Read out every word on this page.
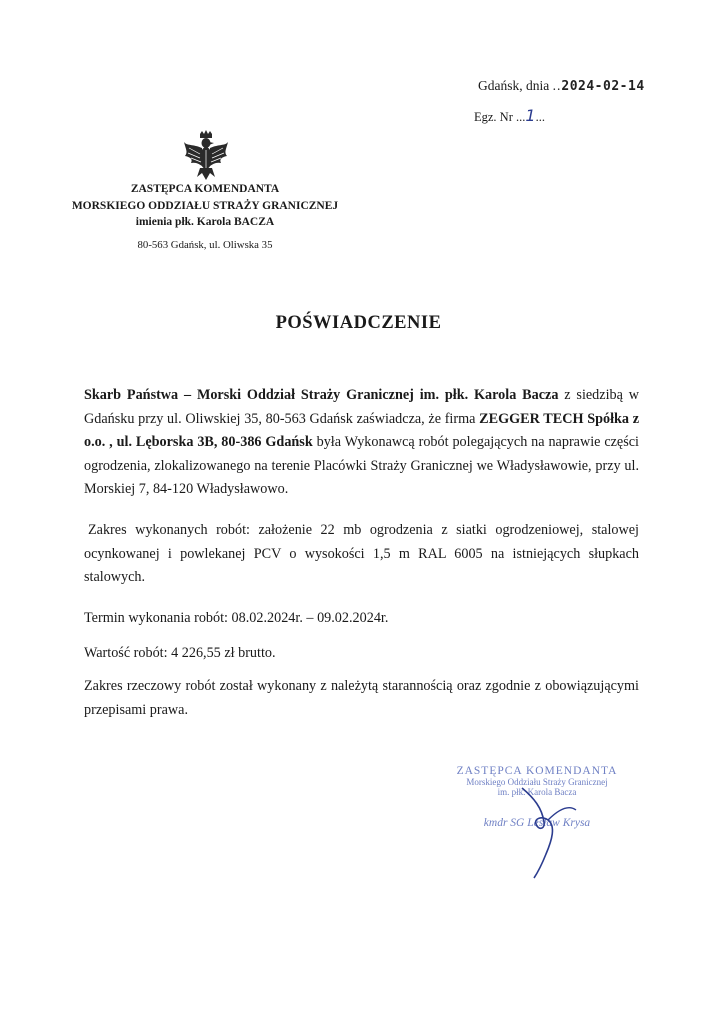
Gdańsk, dnia ..2024-02-14
Egz. Nr ...1...
ZASTĘPCA KOMENDANTA
MORSKIEGO ODDZIAŁU STRAŻY GRANICZNEJ
imienia płk. Karola BACZA
80-563 Gdańsk, ul. Oliwska 35
POŚWIADCZENIE
Skarb Państwa – Morski Oddział Straży Granicznej im. płk. Karola Bacza z siedzibą w Gdańsku przy ul. Oliwskiej 35, 80-563 Gdańsk zaświadcza, że firma ZEGGER TECH Spółka z o.o. , ul. Lęborska 3B, 80-386 Gdańsk była Wykonawcą robót polegających na naprawie części ogrodzenia, zlokalizowanego na terenie Placówki Straży Granicznej we Władysławowie, przy ul. Morskiej 7, 84-120 Władysławowo.
Zakres wykonanych robót: założenie 22 mb ogrodzenia z siatki ogrodzeniowej, stalowej ocynkowanej i powlekanej PCV o wysokości 1,5 m RAL 6005 na istniejących słupkach stalowych.
Termin wykonania robót: 08.02.2024r. – 09.02.2024r.
Wartość robót: 4 226,55 zł brutto.
Zakres rzeczowy robót został wykonany z należytą starannością oraz zgodnie z obowiązującymi przepisami prawa.
ZASTĘPCA KOMENDANTA
Morskiego Oddziału Straży Granicznej
im. płk. Karola Bacza
kmdr SG Lesław Krysa
